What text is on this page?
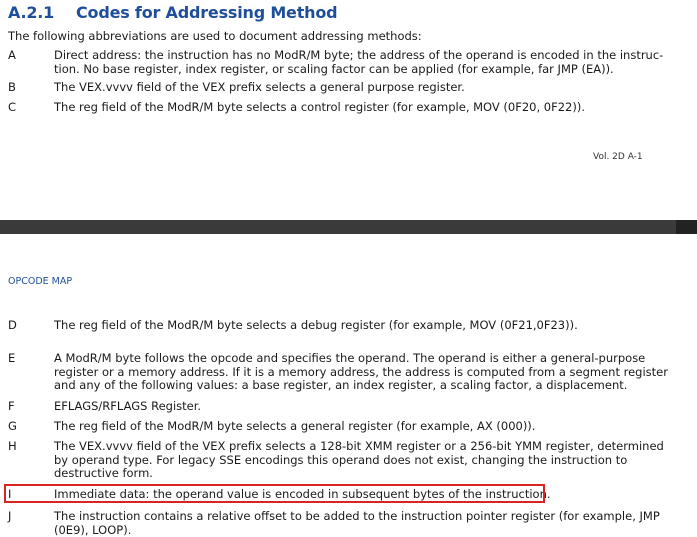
A.2.1 Codes for Addressing Method
The following abbreviations are used to document addressing methods:
A	Direct address: the instruction has no ModR/M byte; the address of the operand is encoded in the instruc- tion. No base register, index register, or scaling factor can be applied (for example, far JMP (EA)).
B	The VEX.vvvv field of the VEX prefix selects a general purpose register.
C	The reg field of the ModR/M byte selects a control register (for example, MOV (0F20, 0F22)).
Vol. 2D A-1
OPCODE MAP
D	The reg field of the ModR/M byte selects a debug register (for example, MOV (0F21,0F23)).
E	A ModR/M byte follows the opcode and specifies the operand. The operand is either a general-purpose register or a memory address. If it is a memory address, the address is computed from a segment register and any of the following values: a base register, an index register, a scaling factor, a displacement.
F	EFLAGS/RFLAGS Register.
G	The reg field of the ModR/M byte selects a general register (for example, AX (000)).
H	The VEX.vvvv field of the VEX prefix selects a 128-bit XMM register or a 256-bit YMM register, determined by operand type. For legacy SSE encodings this operand does not exist, changing the instruction to destructive form.
I	Immediate data: the operand value is encoded in subsequent bytes of the instruction.
J	The instruction contains a relative offset to be added to the instruction pointer register (for example, JMP (0E9), LOOP).
